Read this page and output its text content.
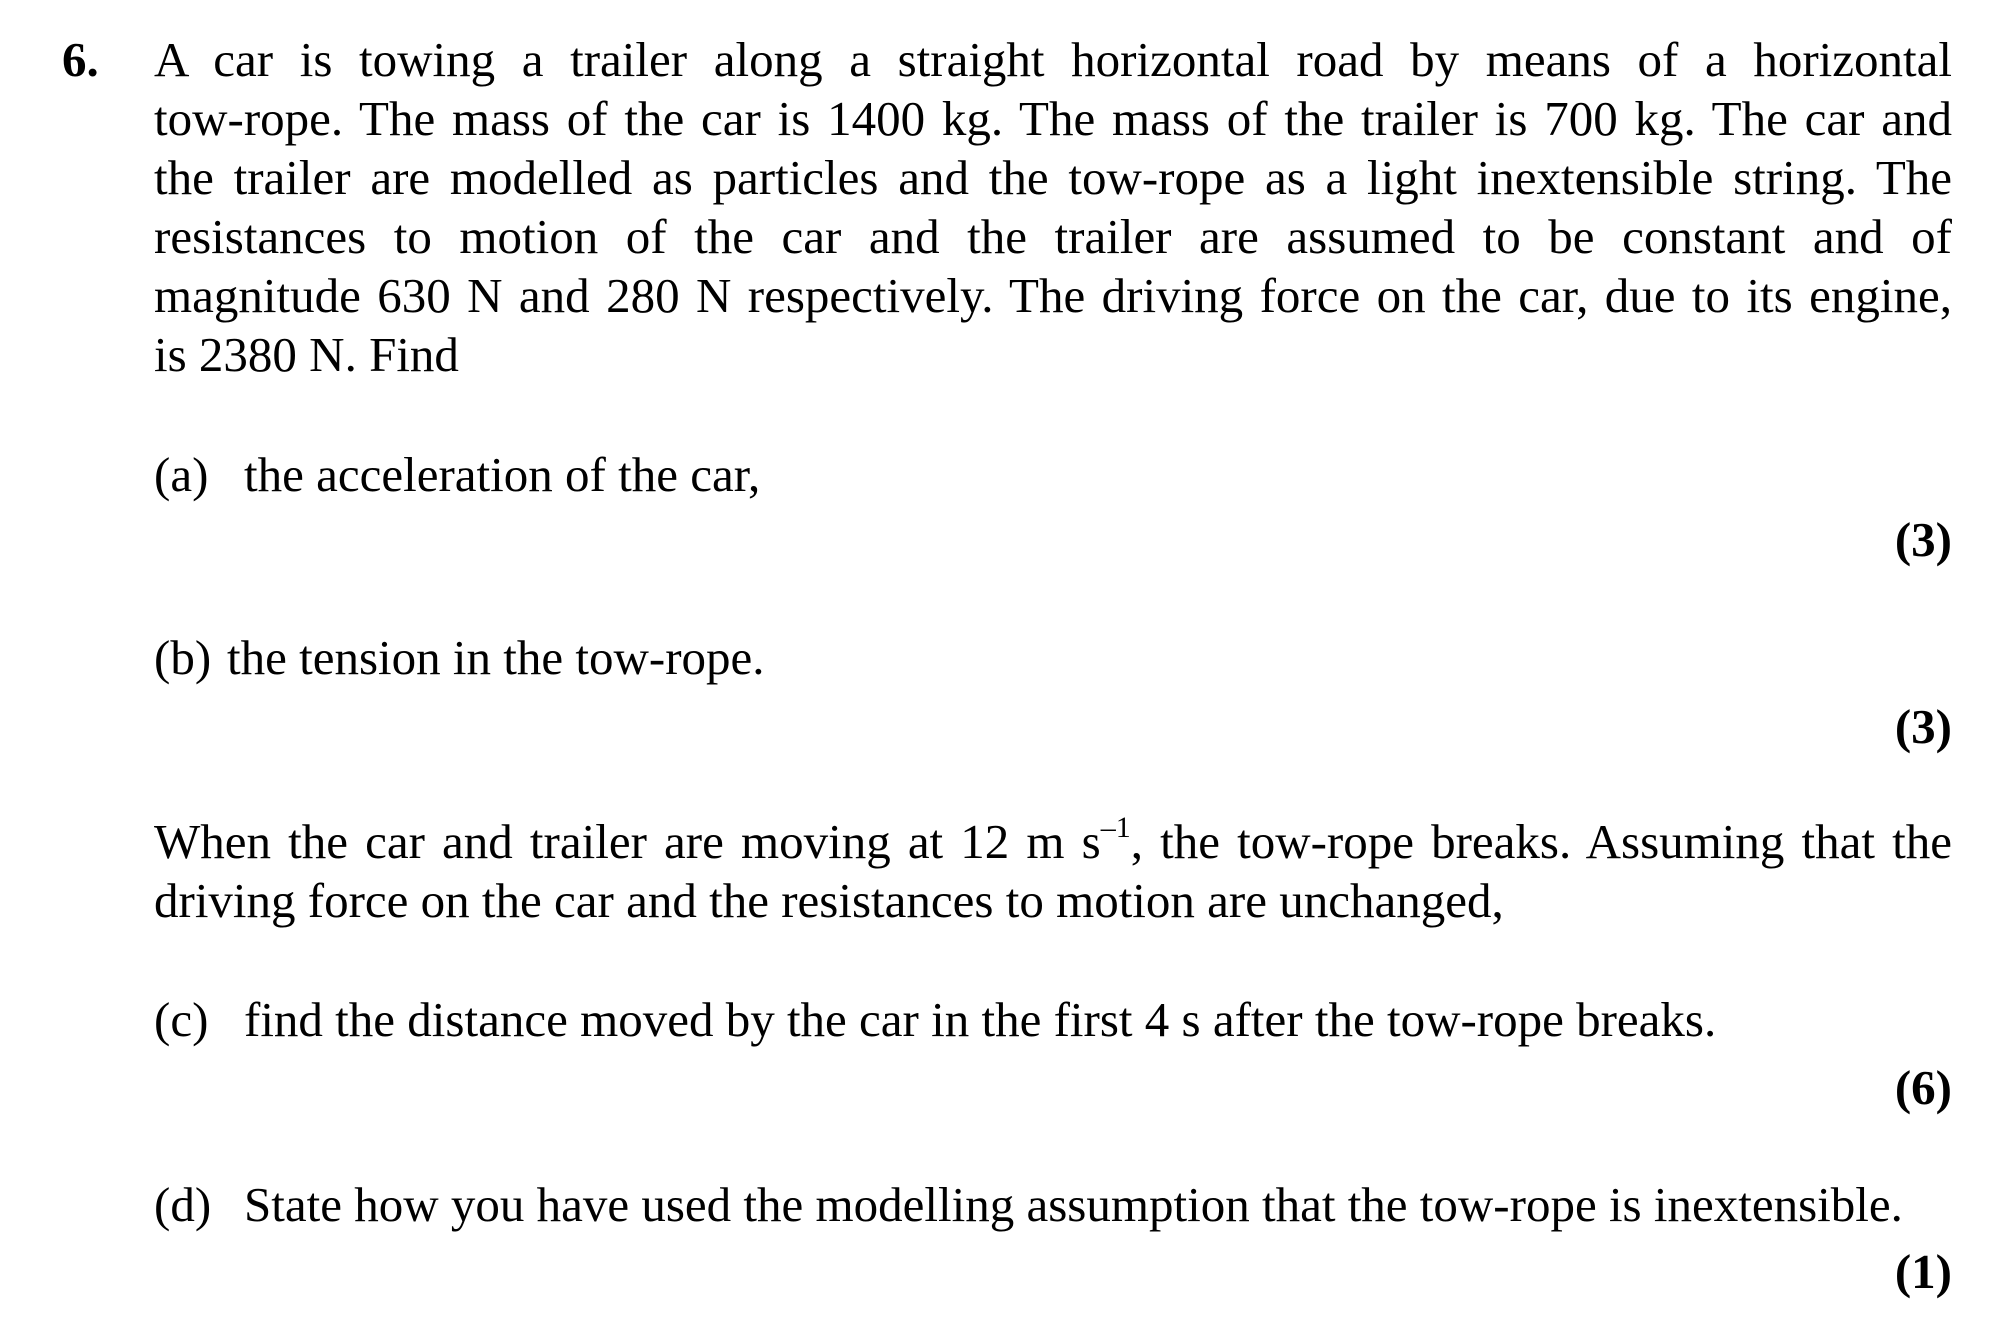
6. A car is towing a trailer along a straight horizontal road by means of a horizontal
tow-rope. The mass of the car is 1400 kg. The mass of the trailer is 700 kg. The car and
the trailer are modelled as particles and the tow-rope as a light inextensible string. The
resistances to motion of the car and the trailer are assumed to be constant and of
magnitude 630 N and 280 N respectively. The driving force on the car, due to its engine,
is 2380 N. Find
(a) the acceleration of the car,
(3)
(b) the tension in the tow-rope.
(3)
When the car and trailer are moving at 12 m $s^{-1}$, the tow-rope breaks. Assuming that the
driving force on the car and the resistances to motion are unchanged,
(c) find the distance moved by the car in the first 4 s after the tow-rope breaks.
(6)
(d) State how you have used the modelling assumption that the tow-rope is inextensible.
(1)
